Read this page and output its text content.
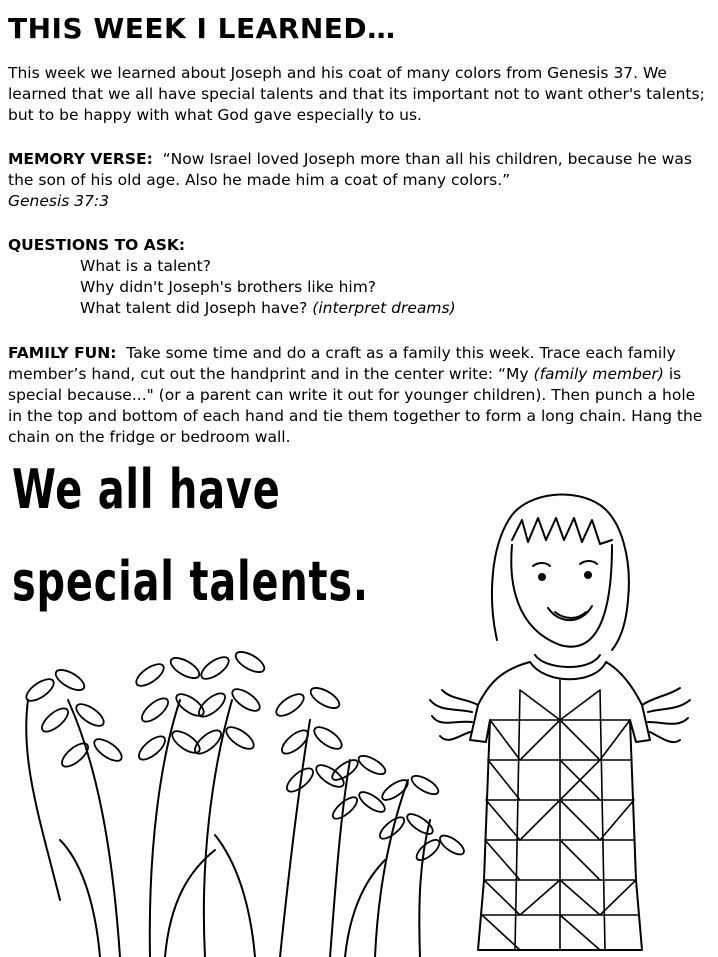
THIS WEEK I LEARNED…
This week we learned about Joseph and his coat of many colors from Genesis 37. We learned that we all have special talents and that its important not to want other's talents; but to be happy with what God gave especially to us.
MEMORY VERSE: “Now Israel loved Joseph more than all his children, because he was the son of his old age. Also he made him a coat of many colors.”
Genesis 37:3
QUESTIONS TO ASK:
What is a talent?
Why didn't Joseph's brothers like him?
What talent did Joseph have? (interpret dreams)
FAMILY FUN: Take some time and do a craft as a family this week. Trace each family member’s hand, cut out the handprint and in the center write: “My (family member) is special because..." (or a parent can write it out for younger children). Then punch a hole in the top and bottom of each hand and tie them together to form a long chain. Hang the chain on the fridge or bedroom wall.
We all have
special talents.
